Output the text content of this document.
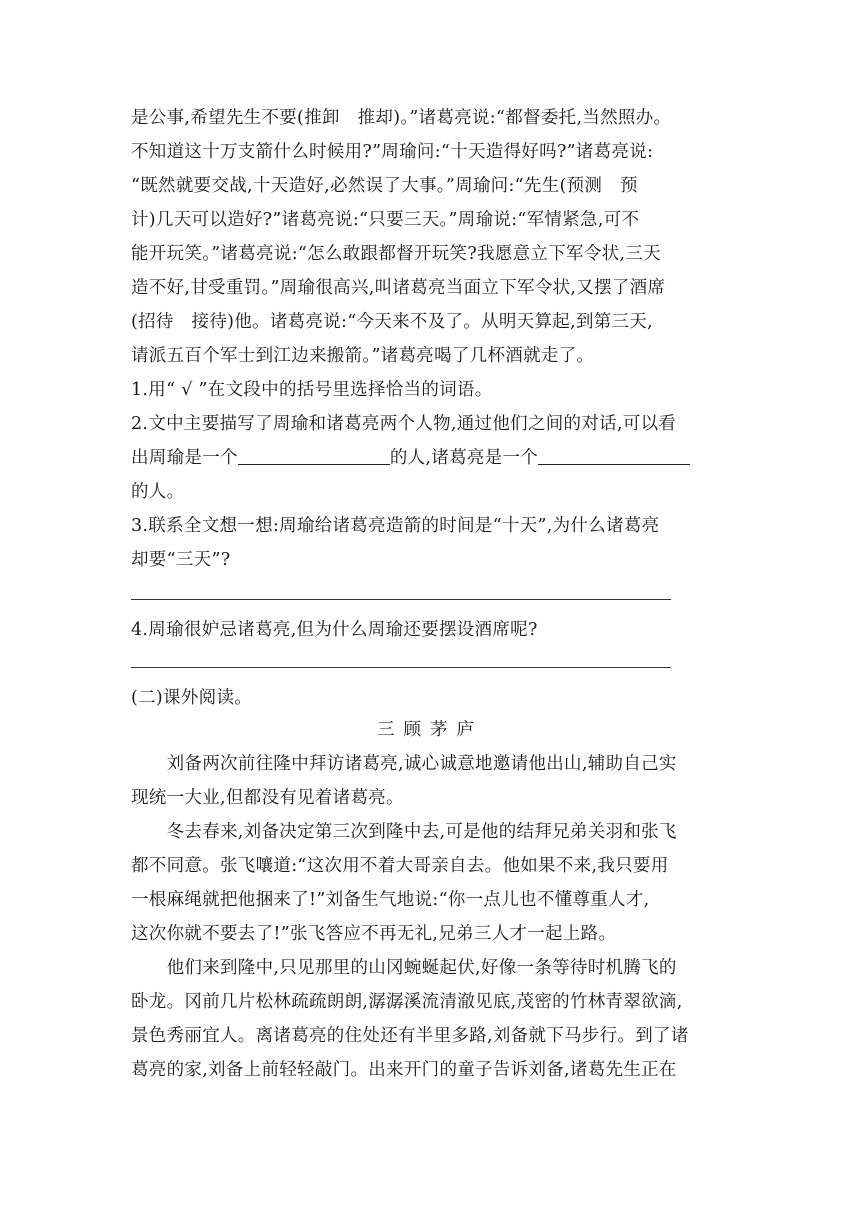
是公事,希望先生不要(推卸　推却)。”诸葛亮说:“都督委托,当然照办。
不知道这十万支箭什么时候用?”周瑜问:“十天造得好吗?”诸葛亮说:
“既然就要交战,十天造好,必然误了大事。”周瑜问:“先生(预测　预
计)几天可以造好?”诸葛亮说:“只要三天。”周瑜说:“军情紧急,可不
能开玩笑。”诸葛亮说:“怎么敢跟都督开玩笑?我愿意立下军令状,三天
造不好,甘受重罚。”周瑜很高兴,叫诸葛亮当面立下军令状,又摆了酒席
(招待　接待)他。诸葛亮说:“今天来不及了。从明天算起,到第三天,
请派五百个军士到江边来搬箭。”诸葛亮喝了几杯酒就走了。
1.用“ √ ”在文段中的括号里选择恰当的词语。
2.文中主要描写了周瑜和诸葛亮两个人物,通过他们之间的对话,可以看
出周瑜是一个	的人,诸葛亮是一个
的人。
3.联系全文想一想:周瑜给诸葛亮造箭的时间是“十天”,为什么诸葛亮
却要“三天”?
4.周瑜很妒忌诸葛亮,但为什么周瑜还要摆设酒席呢?
(二)课外阅读。
三顾茅庐
　　刘备两次前往隆中拜访诸葛亮,诚心诚意地邀请他出山,辅助自己实
现统一大业,但都没有见着诸葛亮。
　　冬去春来,刘备决定第三次到隆中去,可是他的结拜兄弟关羽和张飞
都不同意。张飞嚷道:“这次用不着大哥亲自去。他如果不来,我只要用
一根麻绳就把他捆来了!”刘备生气地说:“你一点儿也不懂尊重人才,
这次你就不要去了!”张飞答应不再无礼,兄弟三人才一起上路。
　　他们来到隆中,只见那里的山冈蜿蜒起伏,好像一条等待时机腾飞的
卧龙。冈前几片松林疏疏朗朗,潺潺溪流清澈见底,茂密的竹林青翠欲滴,
景色秀丽宜人。离诸葛亮的住处还有半里多路,刘备就下马步行。到了诸
葛亮的家,刘备上前轻轻敲门。出来开门的童子告诉刘备,诸葛先生正在
